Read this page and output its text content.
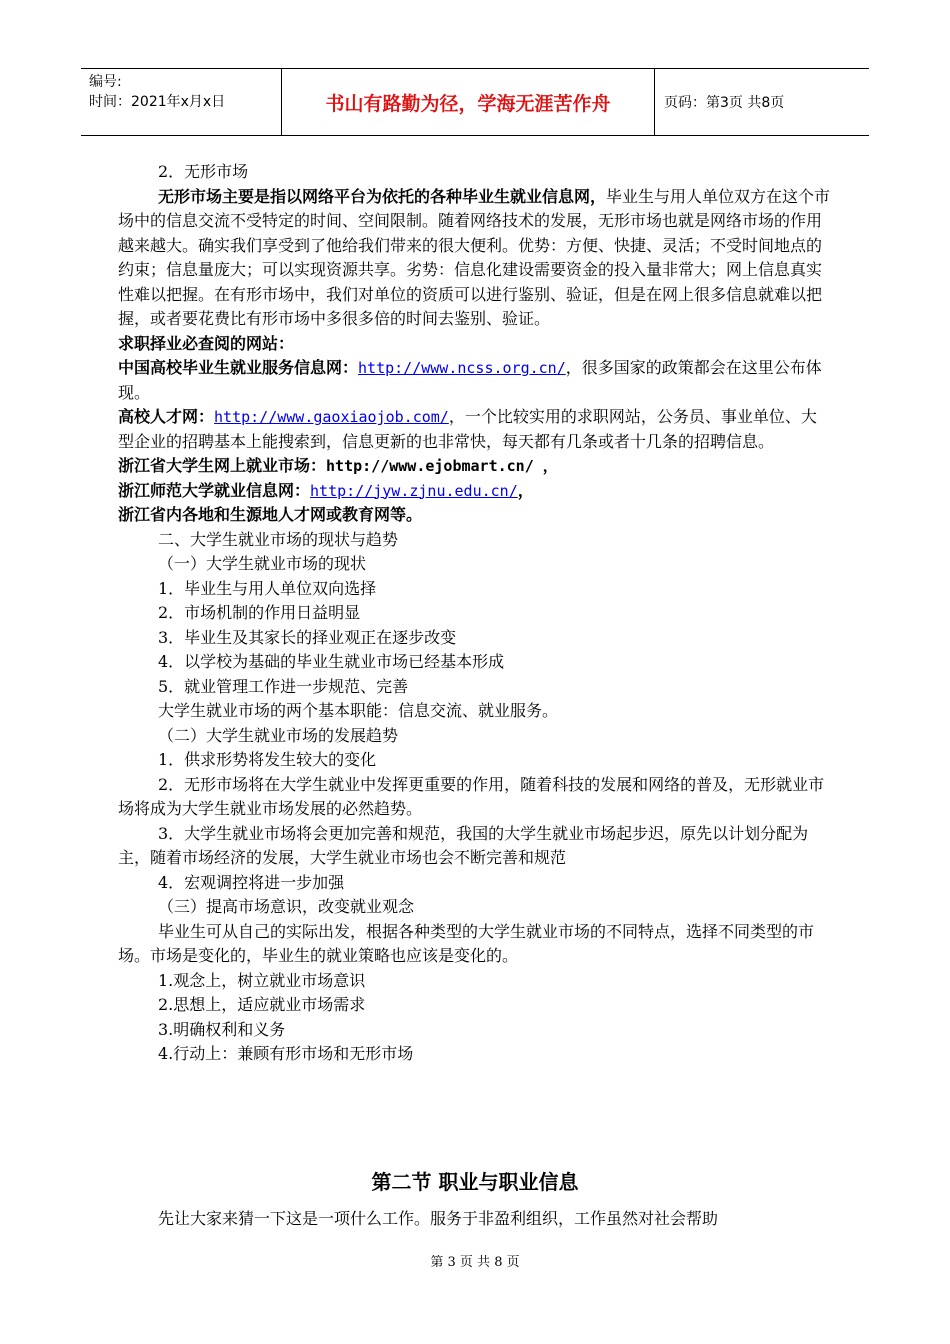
编号:
时间：2021年x月x日	书山有路勤为径，学海无涯苦作舟	页码：第3页 共8页

2．无形市场

无形市场主要是指以网络平台为依托的各种毕业生就业信息网，毕业生与用人单位双方在这个市场中的信息交流不受特定的时间、空间限制。随着网络技术的发展，无形市场也就是网络市场的作用越来越大。确实我们享受到了他给我们带来的很大便利。优势：方便、快捷、灵活；不受时间地点的约束；信息量庞大；可以实现资源共享。劣势：信息化建设需要资金的投入量非常大；网上信息真实性难以把握。在有形市场中，我们对单位的资质可以进行鉴别、验证，但是在网上很多信息就难以把握，或者要花费比有形市场中多很多倍的时间去鉴别、验证。

求职择业必查阅的网站：

中国高校毕业生就业服务信息网：http://www.ncss.org.cn/，很多国家的政策都会在这里公布体现。

高校人才网：http://www.gaoxiaojob.com/，一个比较实用的求职网站，公务员、事业单位、大型企业的招聘基本上能搜索到，信息更新的也非常快，每天都有几条或者十几条的招聘信息。

浙江省大学生网上就业市场：http://www.ejobmart.cn/ ，

浙江师范大学就业信息网：http://jyw.zjnu.edu.cn/，

浙江省内各地和生源地人才网或教育网等。

二、大学生就业市场的现状与趋势

（一）大学生就业市场的现状

1．毕业生与用人单位双向选择

2．市场机制的作用日益明显

3．毕业生及其家长的择业观正在逐步改变

4．以学校为基础的毕业生就业市场已经基本形成

5．就业管理工作进一步规范、完善

大学生就业市场的两个基本职能：信息交流、就业服务。

（二）大学生就业市场的发展趋势

1．供求形势将发生较大的变化

2．无形市场将在大学生就业中发挥更重要的作用，随着科技的发展和网络的普及，无形就业市场将成为大学生就业市场发展的必然趋势。

3．大学生就业市场将会更加完善和规范，我国的大学生就业市场起步迟，原先以计划分配为主，随着市场经济的发展，大学生就业市场也会不断完善和规范

4．宏观调控将进一步加强

（三）提高市场意识，改变就业观念

毕业生可从自己的实际出发，根据各种类型的大学生就业市场的不同特点，选择不同类型的市场。市场是变化的，毕业生的就业策略也应该是变化的。

1.观念上，树立就业市场意识

2.思想上，适应就业市场需求

3.明确权利和义务

4.行动上：兼顾有形市场和无形市场

第二节 职业与职业信息

先让大家来猜一下这是一项什么工作。服务于非盈利组织，工作虽然对社会帮助

第 3 页 共 8 页
